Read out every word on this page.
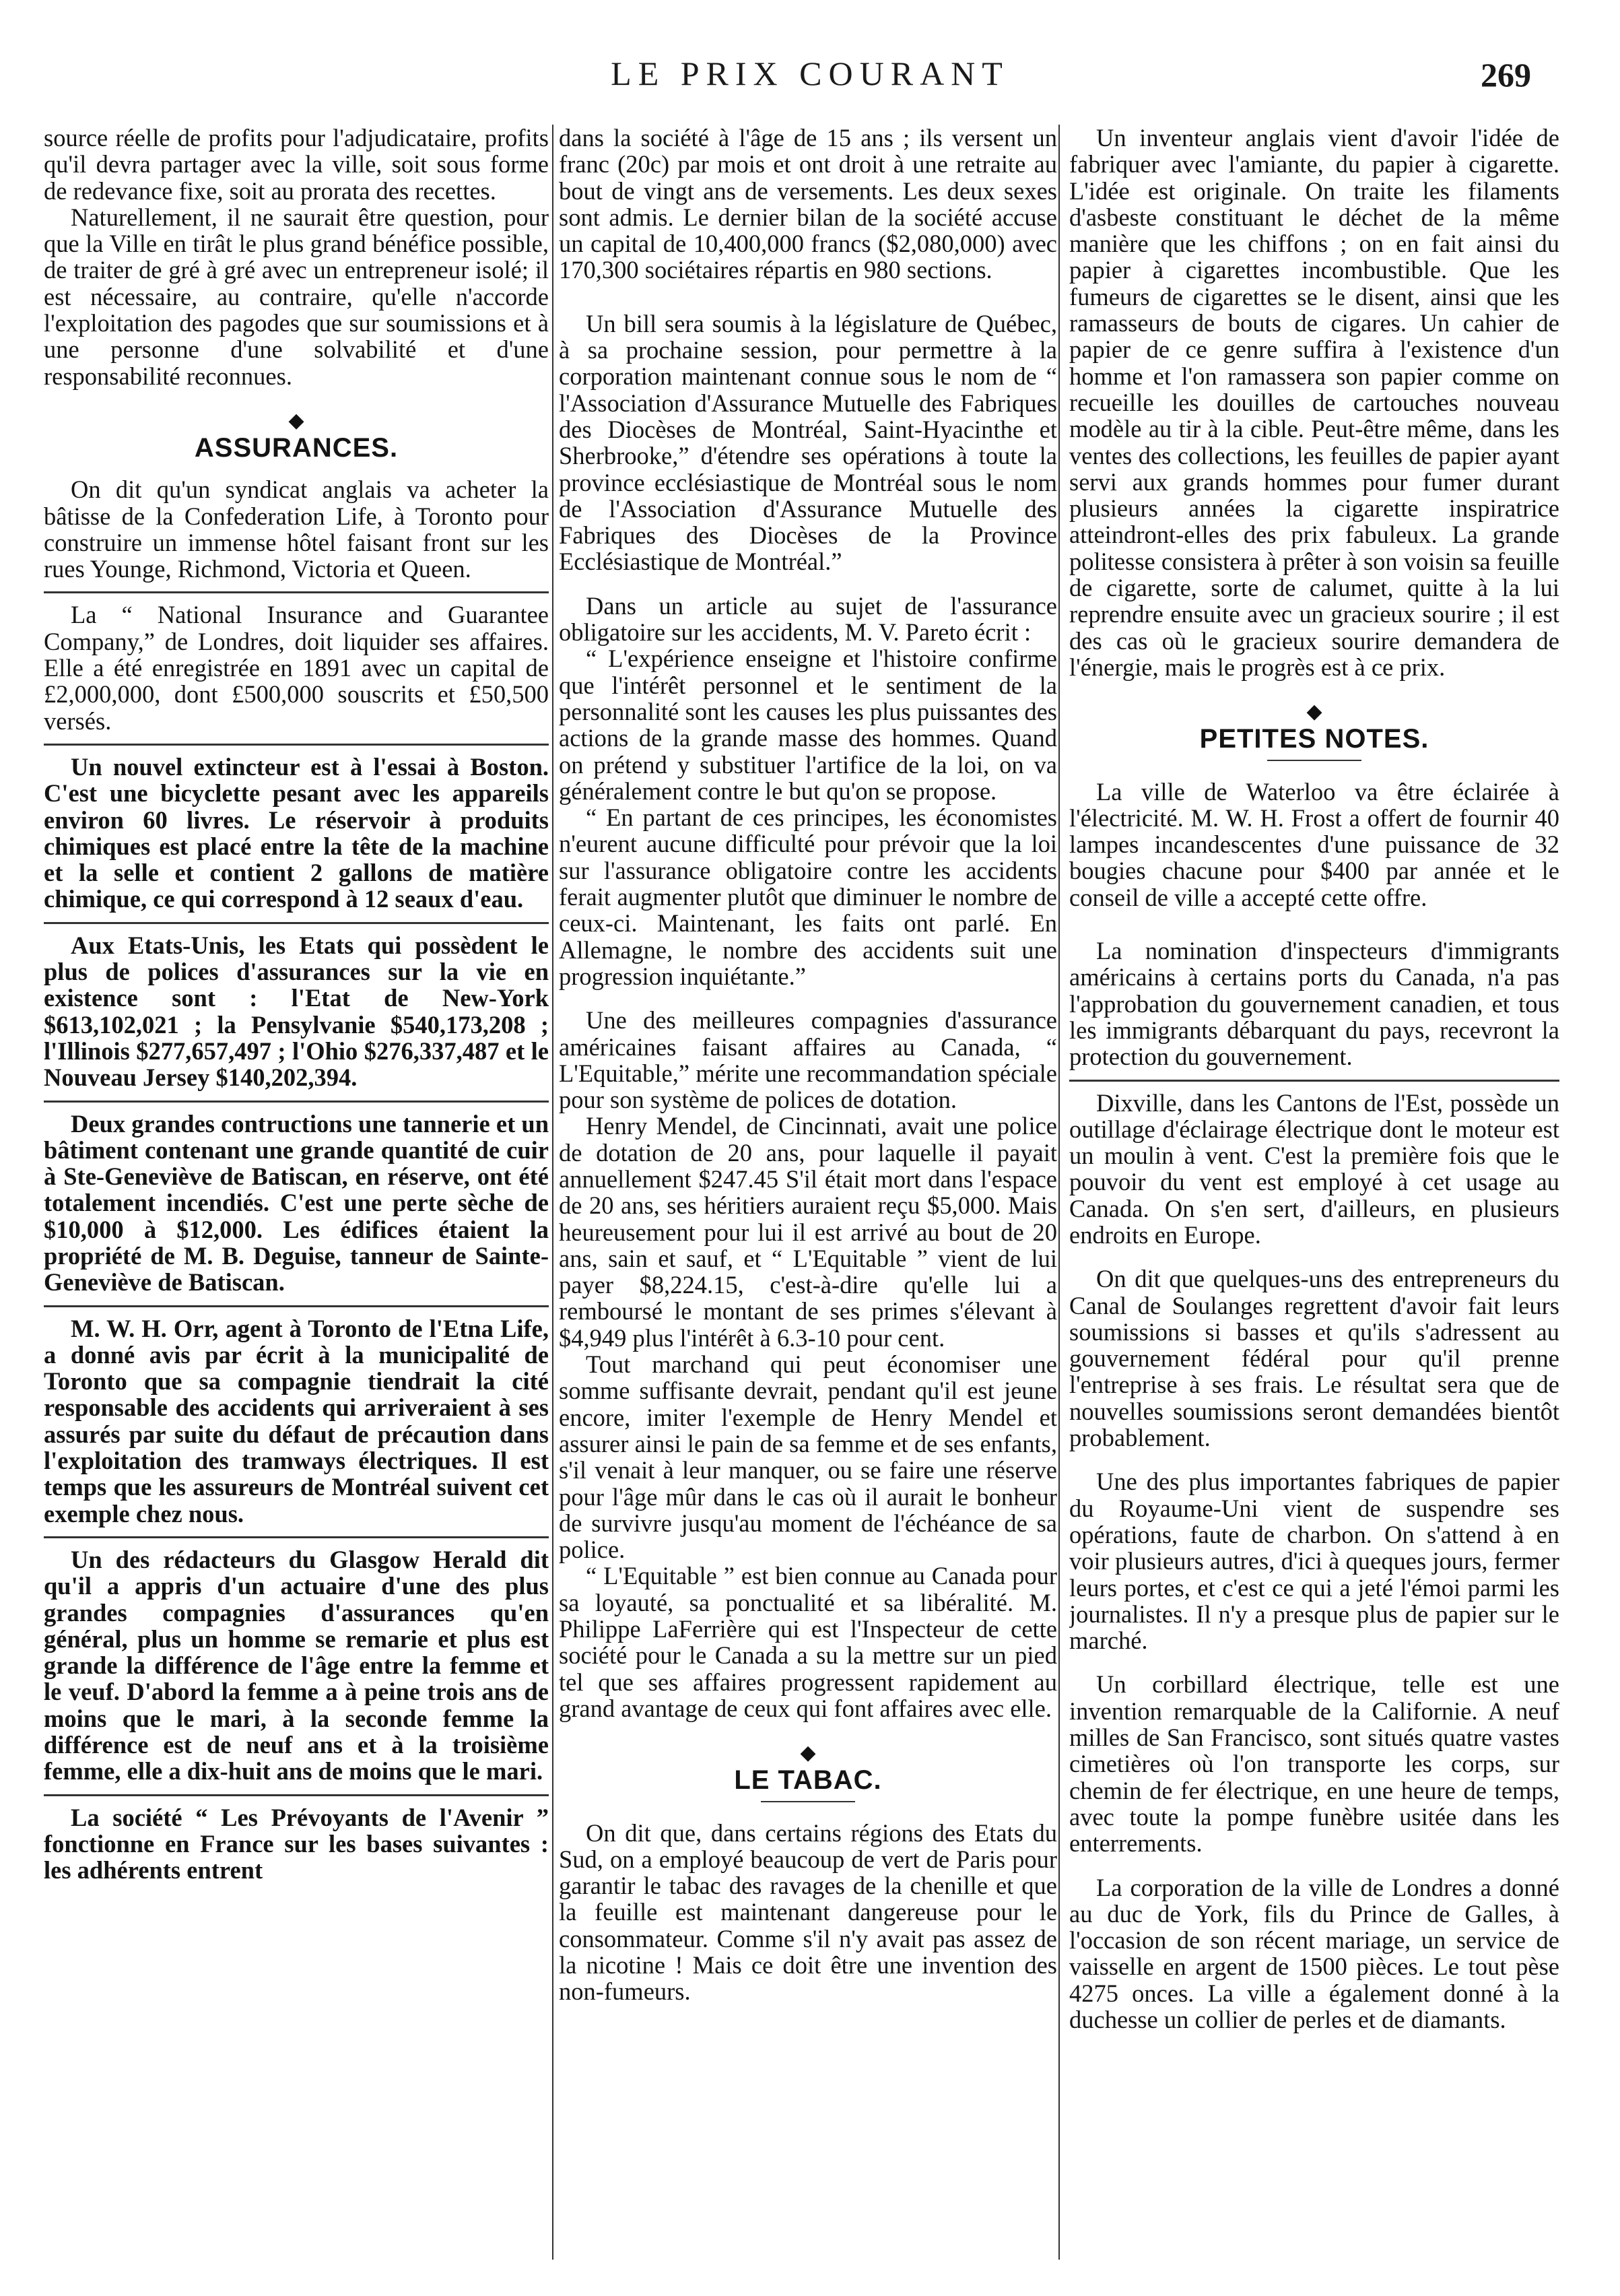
LE PRIX COURANT	269

source réelle de profits pour l'adjudicataire, profits qu'il devra partager avec la ville, soit sous forme de redevance fixe, soit au prorata des recettes.

Naturellement, il ne saurait être question, pour que la Ville en tirât le plus grand bénéfice possible, de traiter de gré à gré avec un entrepreneur isolé; il est nécessaire, au contraire, qu'elle n'accorde l'exploitation des pagodes que sur soumissions et à une personne d'une solvabilité et d'une responsabilité reconnues.

◆
ASSURANCES.

On dit qu'un syndicat anglais va acheter la bâtisse de la Confederation Life, à Toronto pour construire un immense hôtel faisant front sur les rues Younge, Richmond, Victoria et Queen.

La “ National Insurance and Guarantee Company,” de Londres, doit liquider ses affaires. Elle a été enregistrée en 1891 avec un capital de £2,000,000, dont £500,000 souscrits et £50,500 versés.

Un nouvel extincteur est à l'essai à Boston. C'est une bicyclette pesant avec les appareils environ 60 livres. Le réservoir à produits chimiques est placé entre la tête de la machine et la selle et contient 2 gallons de matière chimique, ce qui correspond à 12 seaux d'eau.

Aux Etats-Unis, les Etats qui possèdent le plus de polices d'assurances sur la vie en existence sont : l'Etat de New-York $613,102,021 ; la Pensylvanie $540,173,208 ; l'Illinois $277,657,497 ; l'Ohio $276,337,487 et le Nouveau Jersey $140,202,394.

Deux grandes contructions une tannerie et un bâtiment contenant une grande quantité de cuir à Ste-Geneviève de Batiscan, en réserve, ont été totalement incendiés. C'est une perte sèche de $10,000 à $12,000. Les édifices étaient la propriété de M. B. Deguise, tanneur de Sainte-Geneviève de Batiscan.

M. W. H. Orr, agent à Toronto de l'Etna Life, a donné avis par écrit à la municipalité de Toronto que sa compagnie tiendrait la cité responsable des accidents qui arriveraient à ses assurés par suite du défaut de précaution dans l'exploitation des tramways électriques. Il est temps que les assureurs de Montréal suivent cet exemple chez nous.

Un des rédacteurs du Glasgow Herald dit qu'il a appris d'un actuaire d'une des plus grandes compagnies d'assurances qu'en général, plus un homme se remarie et plus est grande la différence de l'âge entre la femme et le veuf. D'abord la femme a à peine trois ans de moins que le mari, à la seconde femme la différence est de neuf ans et à la troisième femme, elle a dix-huit ans de moins que le mari.

La société “ Les Prévoyants de l'Avenir ” fonctionne en France sur les bases suivantes : les adhérents entrent

dans la société à l'âge de 15 ans ; ils versent un franc (20c) par mois et ont droit à une retraite au bout de vingt ans de versements. Les deux sexes sont admis. Le dernier bilan de la société accuse un capital de 10,400,000 francs ($2,080,000) avec 170,300 sociétaires répartis en 980 sections.

Un bill sera soumis à la législature de Québec, à sa prochaine session, pour permettre à la corporation maintenant connue sous le nom de “ l'Association d'Assurance Mutuelle des Fabriques des Diocèses de Montréal, Saint-Hyacinthe et Sherbrooke,” d'étendre ses opérations à toute la province ecclésiastique de Montréal sous le nom de l'Association d'Assurance Mutuelle des Fabriques des Diocèses de la Province Ecclésiastique de Montréal.”

Dans un article au sujet de l'assurance obligatoire sur les accidents, M. V. Pareto écrit :

“ L'expérience enseigne et l'histoire confirme que l'intérêt personnel et le sentiment de la personnalité sont les causes les plus puissantes des actions de la grande masse des hommes. Quand on prétend y substituer l'artifice de la loi, on va généralement contre le but qu'on se propose.

“ En partant de ces principes, les économistes n'eurent aucune difficulté pour prévoir que la loi sur l'assurance obligatoire contre les accidents ferait augmenter plutôt que diminuer le nombre de ceux-ci. Maintenant, les faits ont parlé. En Allemagne, le nombre des accidents suit une progression inquiétante.”

Une des meilleures compagnies d'assurance américaines faisant affaires au Canada, “ L'Equitable,” mérite une recommandation spéciale pour son système de polices de dotation.

Henry Mendel, de Cincinnati, avait une police de dotation de 20 ans, pour laquelle il payait annuellement $247.45 S'il était mort dans l'espace de 20 ans, ses héritiers auraient reçu $5,000. Mais heureusement pour lui il est arrivé au bout de 20 ans, sain et sauf, et “ L'Equitable ” vient de lui payer $8,224.15, c'est-à-dire qu'elle lui a remboursé le montant de ses primes s'élevant à $4,949 plus l'intérêt à 6.3-10 pour cent.

Tout marchand qui peut économiser une somme suffisante devrait, pendant qu'il est jeune encore, imiter l'exemple de Henry Mendel et assurer ainsi le pain de sa femme et de ses enfants, s'il venait à leur manquer, ou se faire une réserve pour l'âge mûr dans le cas où il aurait le bonheur de survivre jusqu'au moment de l'échéance de sa police.

“ L'Equitable ” est bien connue au Canada pour sa loyauté, sa ponctualité et sa libéralité. M. Philippe LaFerrière qui est l'Inspecteur de cette société pour le Canada a su la mettre sur un pied tel que ses affaires progressent rapidement au grand avantage de ceux qui font affaires avec elle.

◆
LE TABAC.

On dit que, dans certains régions des Etats du Sud, on a employé beaucoup de vert de Paris pour garantir le tabac des ravages de la chenille et que la feuille est maintenant dangereuse pour le consommateur. Comme s'il n'y avait pas assez de la nicotine ! Mais ce doit être une invention des non-fumeurs.

Un inventeur anglais vient d'avoir l'idée de fabriquer avec l'amiante, du papier à cigarette. L'idée est originale. On traite les filaments d'asbeste constituant le déchet de la même manière que les chiffons ; on en fait ainsi du papier à cigarettes incombustible. Que les fumeurs de cigarettes se le disent, ainsi que les ramasseurs de bouts de cigares. Un cahier de papier de ce genre suffira à l'existence d'un homme et l'on ramassera son papier comme on recueille les douilles de cartouches nouveau modèle au tir à la cible. Peut-être même, dans les ventes des collections, les feuilles de papier ayant servi aux grands hommes pour fumer durant plusieurs années la cigarette inspiratrice atteindront-elles des prix fabuleux. La grande politesse consistera à prêter à son voisin sa feuille de cigarette, sorte de calumet, quitte à la lui reprendre ensuite avec un gracieux sourire ; il est des cas où le gracieux sourire demandera de l'énergie, mais le progrès est à ce prix.

◆
PETITES NOTES.

La ville de Waterloo va être éclairée à l'électricité. M. W. H. Frost a offert de fournir 40 lampes incandescentes d'une puissance de 32 bougies chacune pour $400 par année et le conseil de ville a accepté cette offre.

La nomination d'inspecteurs d'immigrants américains à certains ports du Canada, n'a pas l'approbation du gouvernement canadien, et tous les immigrants débarquant du pays, recevront la protection du gouvernement.

Dixville, dans les Cantons de l'Est, possède un outillage d'éclairage électrique dont le moteur est un moulin à vent. C'est la première fois que le pouvoir du vent est employé à cet usage au Canada. On s'en sert, d'ailleurs, en plusieurs endroits en Europe.

On dit que quelques-uns des entrepreneurs du Canal de Soulanges regrettent d'avoir fait leurs soumissions si basses et qu'ils s'adressent au gouvernement fédéral pour qu'il prenne l'entreprise à ses frais. Le résultat sera que de nouvelles soumissions seront demandées bientôt probablement.

Une des plus importantes fabriques de papier du Royaume-Uni vient de suspendre ses opérations, faute de charbon. On s'attend à en voir plusieurs autres, d'ici à queques jours, fermer leurs portes, et c'est ce qui a jeté l'émoi parmi les journalistes. Il n'y a presque plus de papier sur le marché.

Un corbillard électrique, telle est une invention remarquable de la Californie. A neuf milles de San Francisco, sont situés quatre vastes cimetières où l'on transporte les corps, sur chemin de fer électrique, en une heure de temps, avec toute la pompe funèbre usitée dans les enterrements.

La corporation de la ville de Londres a donné au duc de York, fils du Prince de Galles, à l'occasion de son récent mariage, un service de vaisselle en argent de 1500 pièces. Le tout pèse 4275 onces. La ville a également donné à la duchesse un collier de perles et de diamants.
